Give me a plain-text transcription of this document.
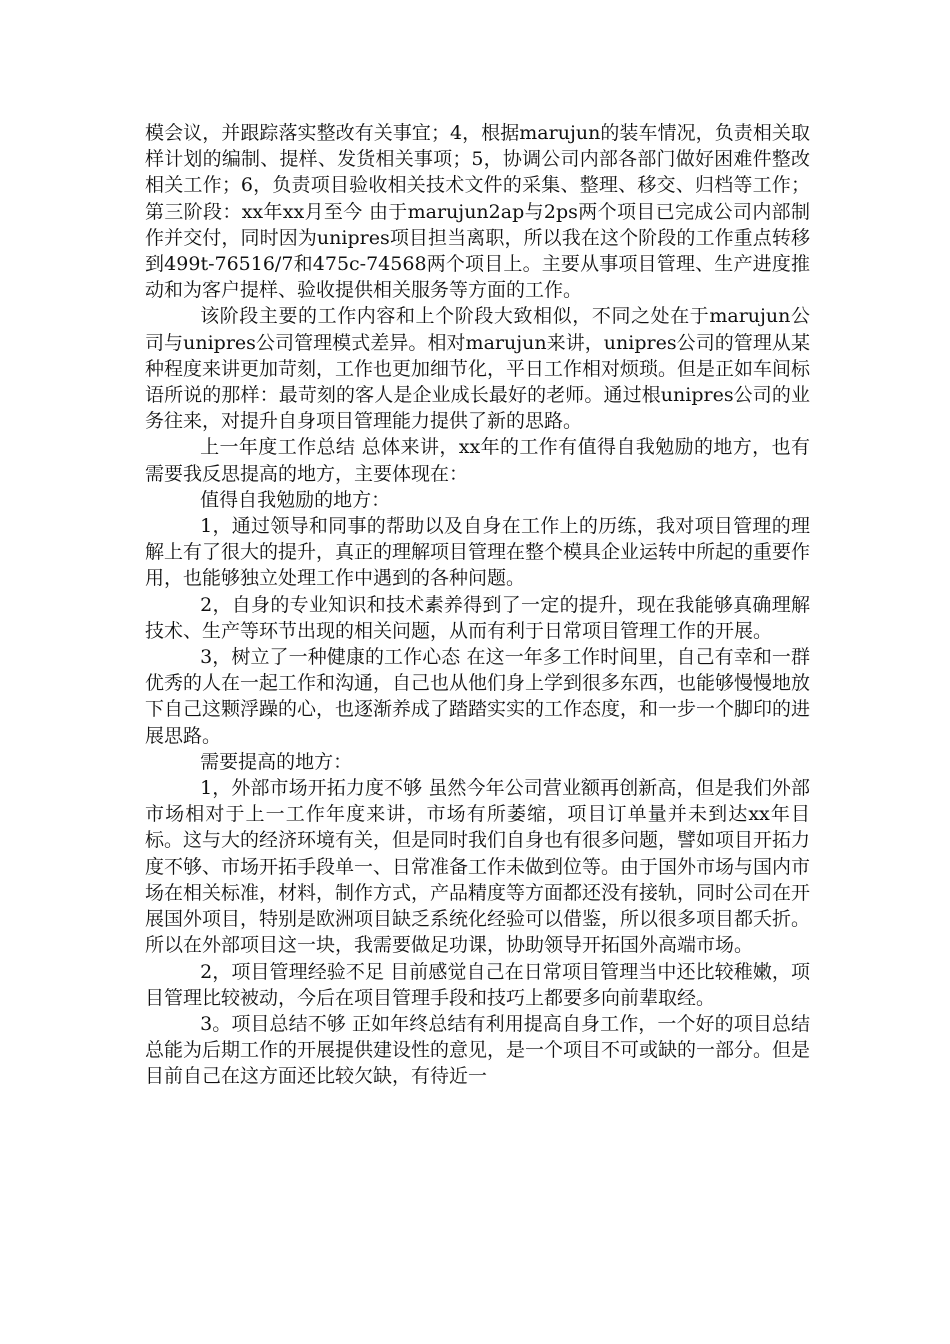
模会议，并跟踪落实整改有关事宜；4，根据marujun的装车情况，负责相关取样计划的编制、提样、发货相关事项；5，协调公司内部各部门做好困难件整改相关工作；6，负责项目验收相关技术文件的采集、整理、移交、归档等工作；第三阶段：xx年xx月至今 由于marujun2ap与2ps两个项目已完成公司内部制作并交付，同时因为unipres项目担当离职，所以我在这个阶段的工作重点转移到499t-76516/7和475c-74568两个项目上。主要从事项目管理、生产进度推动和为客户提样、验收提供相关服务等方面的工作。

该阶段主要的工作内容和上个阶段大致相似，不同之处在于marujun公司与unipres公司管理模式差异。相对marujun来讲，unipres公司的管理从某种程度来讲更加苛刻，工作也更加细节化，平日工作相对烦琐。但是正如车间标语所说的那样：最苛刻的客人是企业成长最好的老师。通过根unipres公司的业务往来，对提升自身项目管理能力提供了新的思路。

上一年度工作总结 总体来讲，xx年的工作有值得自我勉励的地方，也有需要我反思提高的地方，主要体现在：

值得自我勉励的地方：

1，通过领导和同事的帮助以及自身在工作上的历练，我对项目管理的理解上有了很大的提升，真正的理解项目管理在整个模具企业运转中所起的重要作用，也能够独立处理工作中遇到的各种问题。

2，自身的专业知识和技术素养得到了一定的提升，现在我能够真确理解技术、生产等环节出现的相关问题，从而有利于日常项目管理工作的开展。

3，树立了一种健康的工作心态 在这一年多工作时间里，自己有幸和一群优秀的人在一起工作和沟通，自己也从他们身上学到很多东西，也能够慢慢地放下自己这颗浮躁的心，也逐渐养成了踏踏实实的工作态度，和一步一个脚印的进展思路。

需要提高的地方：

1，外部市场开拓力度不够 虽然今年公司营业额再创新高，但是我们外部市场相对于上一工作年度来讲，市场有所萎缩，项目订单量并未到达xx年目标。这与大的经济环境有关，但是同时我们自身也有很多问题，譬如项目开拓力度不够、市场开拓手段单一、日常准备工作未做到位等。由于国外市场与国内市场在相关标准，材料，制作方式，产品精度等方面都还没有接轨，同时公司在开展国外项目，特别是欧洲项目缺乏系统化经验可以借鉴，所以很多项目都夭折。所以在外部项目这一块，我需要做足功课，协助领导开拓国外高端市场。

2，项目管理经验不足 目前感觉自己在日常项目管理当中还比较稚嫩，项目管理比较被动，今后在项目管理手段和技巧上都要多向前辈取经。

3。项目总结不够 正如年终总结有利用提高自身工作，一个好的项目总结总能为后期工作的开展提供建设性的意见，是一个项目不可或缺的一部分。但是目前自己在这方面还比较欠缺，有待近一
